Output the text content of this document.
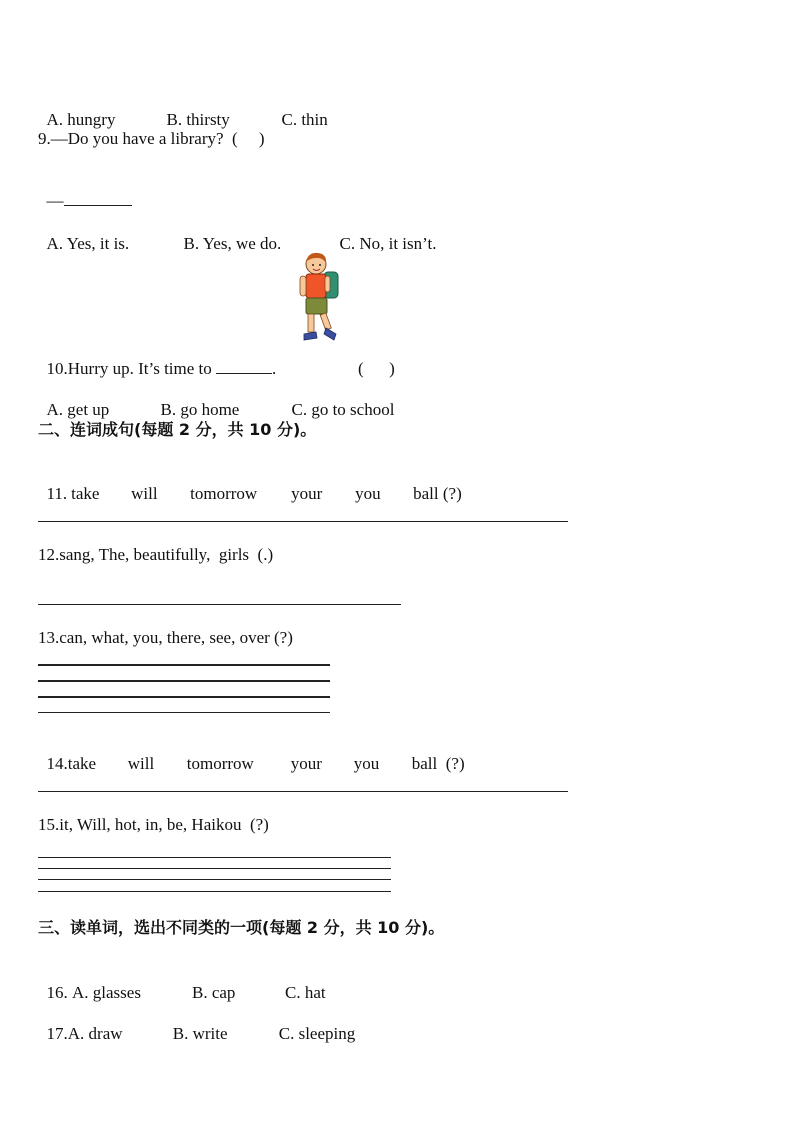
A. hungry	B. thirsty	C. thin

9.—Do you have a library?  (     )

—

A. Yes, it is.	B. Yes, we do.	C. No, it isn’t.

10.Hurry up. It’s time to	.	(      )

A. get up	B. go home	C. go to school

二、连词成句(每题 2 分，共 10 分)。

11. take will tomorrow your you ball (?)

12.sang, The, beautifully,  girls  (.)
13.can, what, you, there, see, over (?)

14.take will tomorrow your you ball  (?)

15.it, Will, hot, in, be, Haikou  (?)
三、读单词，选出不同类的一项(每题 2 分，共 10 分)。

16. A. glasses	B. cap	C. hat

17.A. draw	B. write	C. sleeping
